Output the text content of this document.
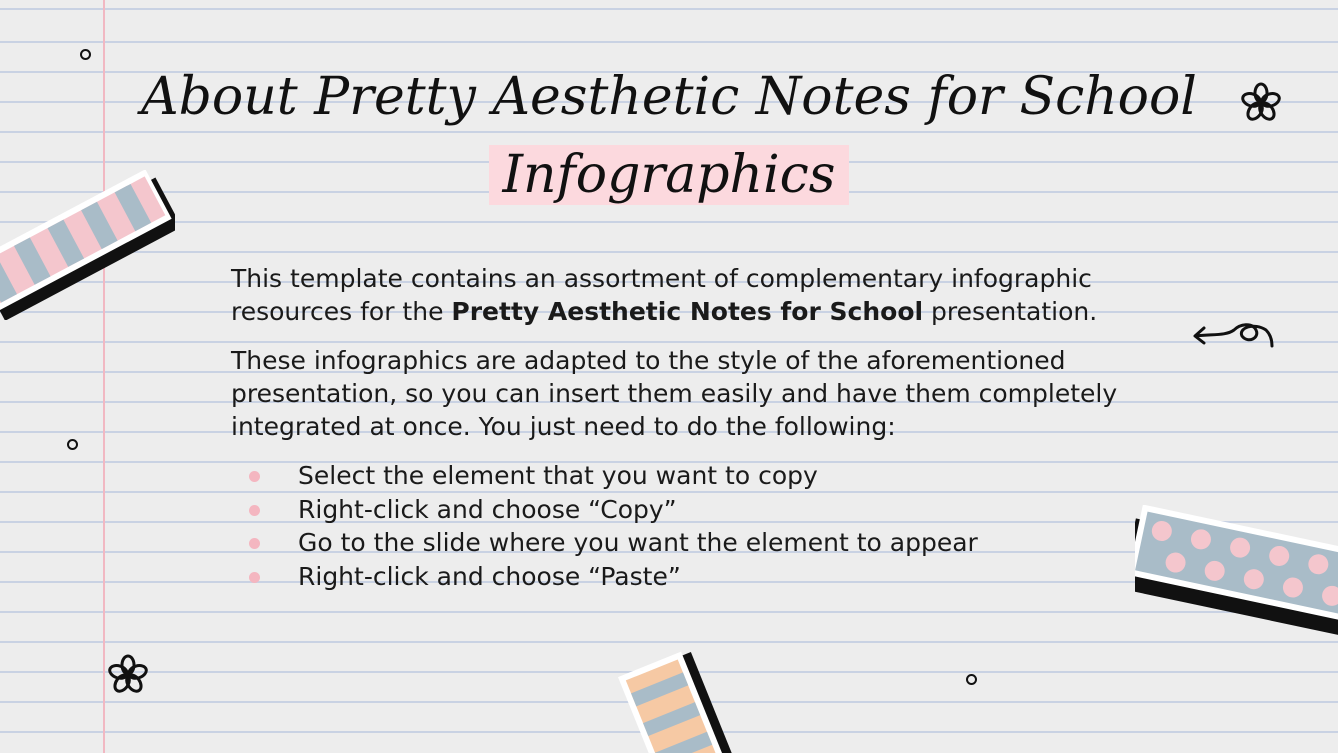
About Pretty Aesthetic Notes for School
Infographics

This template contains an assortment of complementary infographic resources for the Pretty Aesthetic Notes for School presentation.

These infographics are adapted to the style of the aforementioned presentation, so you can insert them easily and have them completely integrated at once. You just need to do the following:

Select the element that you want to copy
Right-click and choose “Copy”
Go to the slide where you want the element to appear
Right-click and choose “Paste”
